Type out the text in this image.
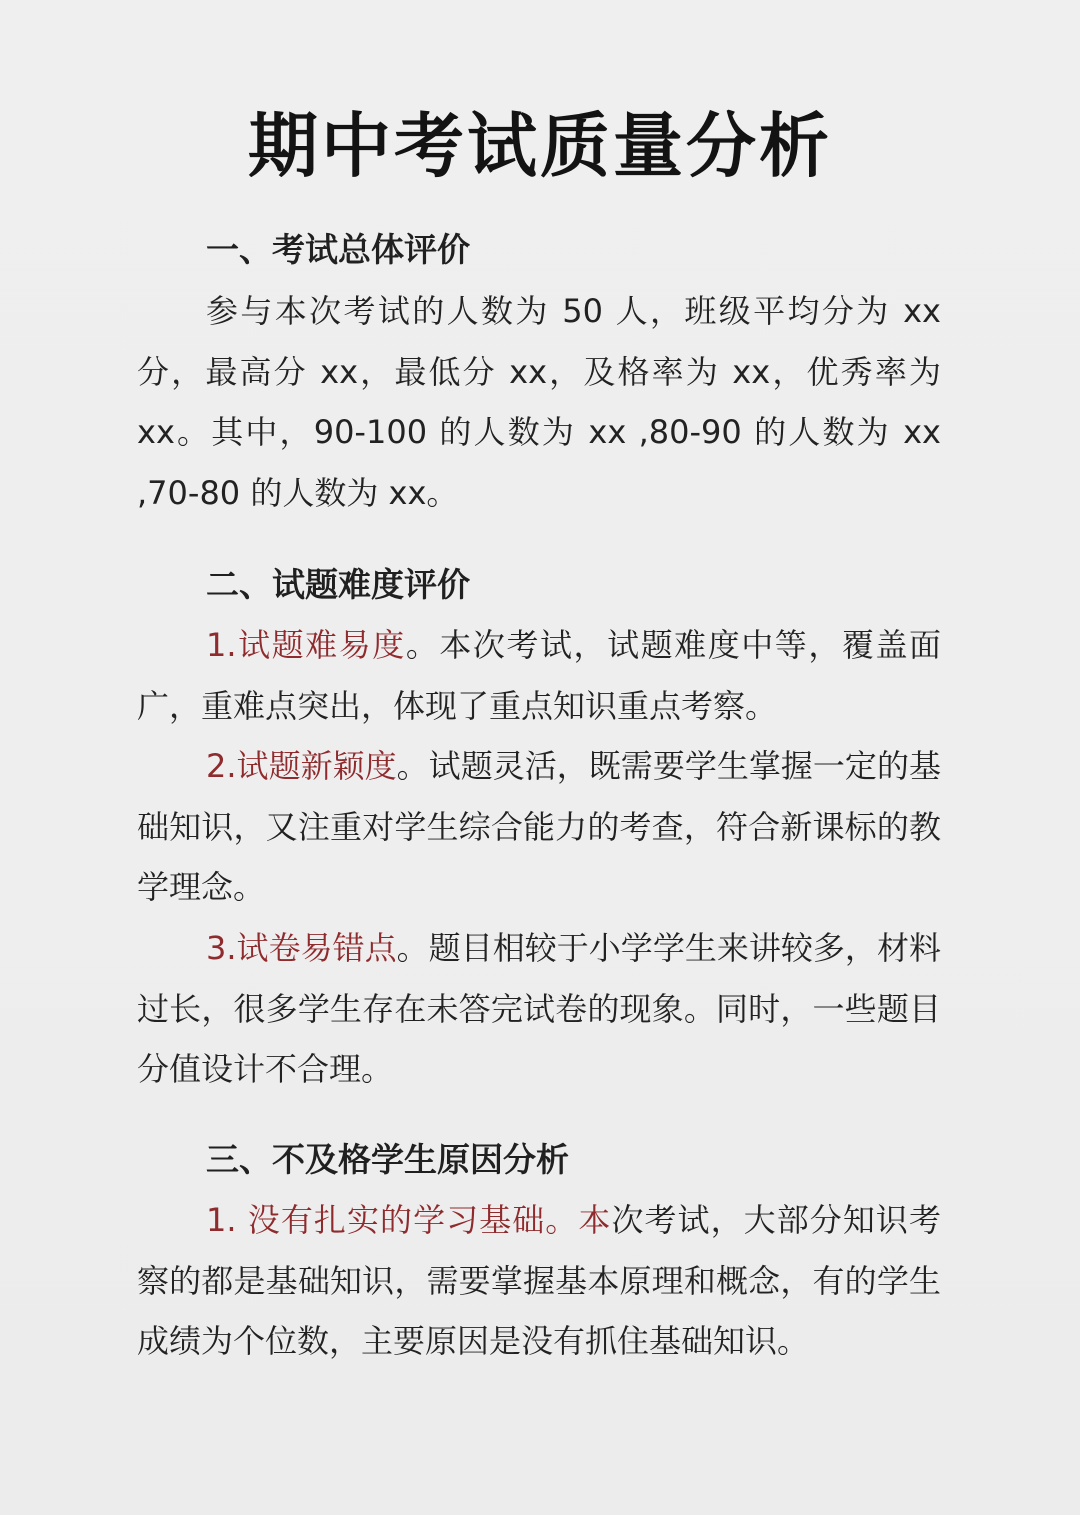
期中考试质量分析
一、考试总体评价
参与本次考试的人数为 50 人，班级平均分为 xx 分，最高分 xx，最低分 xx，及格率为 xx，优秀率为 xx。其中，90-100 的人数为 xx ,80-90 的人数为 xx ,70-80 的人数为 xx。
二、试题难度评价
1.试题难易度。本次考试，试题难度中等，覆盖面广，重难点突出，体现了重点知识重点考察。
2.试题新颖度。试题灵活，既需要学生掌握一定的基础知识，又注重对学生综合能力的考查，符合新课标的教学理念。
3.试卷易错点。题目相较于小学学生来讲较多，材料过长，很多学生存在未答完试卷的现象。同时，一些题目分值设计不合理。
三、不及格学生原因分析
1. 没有扎实的学习基础。本次考试，大部分知识考察的都是基础知识，需要掌握基本原理和概念，有的学生成绩为个位数，主要原因是没有抓住基础知识。
